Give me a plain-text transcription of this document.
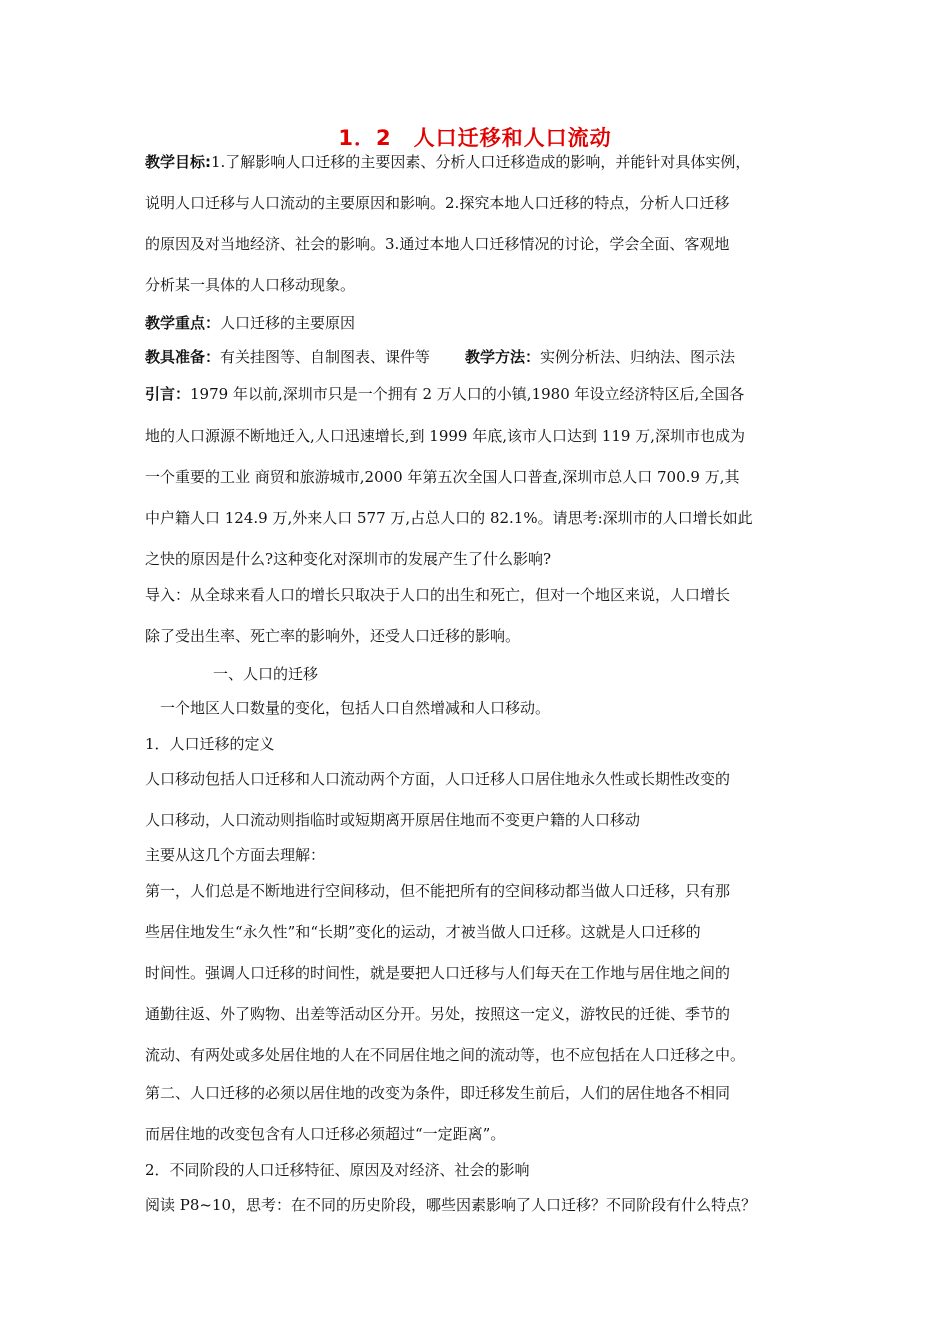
1．2　人口迁移和人口流动
教学目标:1.了解影响人口迁移的主要因素、分析人口迁移造成的影响，并能针对具体实例，
说明人口迁移与人口流动的主要原因和影响。2.探究本地人口迁移的特点，分析人口迁移
的原因及对当地经济、社会的影响。3.通过本地人口迁移情况的讨论，学会全面、客观地
分析某一具体的人口移动现象。
教学重点：人口迁移的主要原因
教具准备：有关挂图等、自制图表、课件等 教学方法：实例分析法、归纳法、图示法
引言：1979 年以前,深圳市只是一个拥有 2 万人口的小镇,1980 年设立经济特区后,全国各
地的人口源源不断地迁入,人口迅速增长,到 1999 年底,该市人口达到 119 万,深圳市也成为
一个重要的工业 商贸和旅游城市,2000 年第五次全国人口普查,深圳市总人口 700.9 万,其
中户籍人口 124.9 万,外来人口 577 万,占总人口的 82.1%。请思考:深圳市的人口增长如此
之快的原因是什么?这种变化对深圳市的发展产生了什么影响?
导入：从全球来看人口的增长只取决于人口的出生和死亡，但对一个地区来说，人口增长
除了受出生率、死亡率的影响外，还受人口迁移的影响。
一、人口的迁移
一个地区人口数量的变化，包括人口自然增减和人口移动。
1．人口迁移的定义
人口移动包括人口迁移和人口流动两个方面，人口迁移人口居住地永久性或长期性改变的
人口移动，人口流动则指临时或短期离开原居住地而不变更户籍的人口移动
主要从这几个方面去理解：
第一，人们总是不断地进行空间移动，但不能把所有的空间移动都当做人口迁移，只有那
些居住地发生“永久性”和“长期”变化的运动，才被当做人口迁移。这就是人口迁移的
时间性。强调人口迁移的时间性，就是要把人口迁移与人们每天在工作地与居住地之间的
通勤往返、外了购物、出差等活动区分开。另处，按照这一定义，游牧民的迁徙、季节的
流动、有两处或多处居住地的人在不同居住地之间的流动等，也不应包括在人口迁移之中。
第二、人口迁移的必须以居住地的改变为条件，即迁移发生前后，人们的居住地各不相同
而居住地的改变包含有人口迁移必须超过“一定距离”。
2．不同阶段的人口迁移特征、原因及对经济、社会的影响
阅读 P8~10，思考：在不同的历史阶段，哪些因素影响了人口迁移？不同阶段有什么特点？
